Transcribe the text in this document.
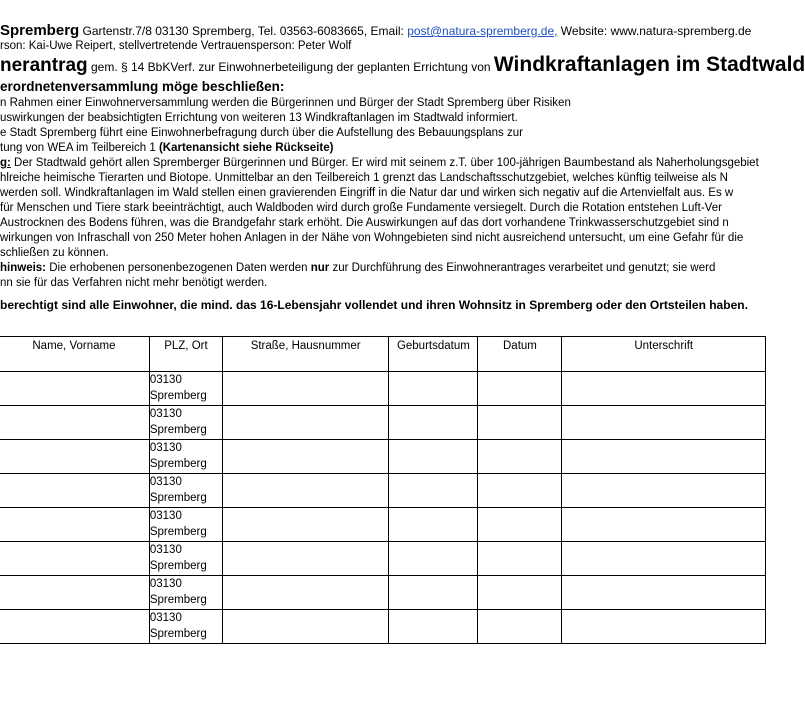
Spremberg Gartenstr.7/8 03130 Spremberg, Tel. 03563-6083665, Email: post@natura-spremberg.de, Website: www.natura-spremberg.de
rson: Kai-Uwe Reipert, stellvertretende Vertrauensperson: Peter Wolf
nerantrag gem. § 14 BbKVerf. zur Einwohnerbeteiligung der geplanten Errichtung von Windkraftanlagen im Stadtwald
erordnetenversammlung möge beschließen:
n Rahmen einer Einwohnerversammlung werden die Bürgerinnen und Bürger der Stadt Spremberg über Risiken
uswirkungen der beabsichtigten Errichtung von weiteren 13 Windkraftanlagen im Stadtwald informiert.
e Stadt Spremberg führt eine Einwohnerbefragung durch über die Aufstellung des Bebauungsplans zur
tung von WEA im Teilbereich 1 (Kartenansicht siehe Rückseite)
g: Der Stadtwald gehört allen Spremberger Bürgerinnen und Bürger. Er wird mit seinem z.T. über 100-jährigen Baumbestand als Naherholungsgebiet
hlreiche heimische Tierarten und Biotope. Unmittelbar an den Teilbereich 1 grenzt das Landschaftsschutzgebiet, welches künftig teilweise als N
werden soll. Windkraftanlagen im Wald stellen einen gravierenden Eingriff in die Natur dar und wirken sich negativ auf die Artenvielfalt aus. Es w
für Menschen und Tiere stark beeinträchtigt, auch Waldboden wird durch große Fundamente versiegelt. Durch die Rotation entstehen Luft-Ver
Austrocknen des Bodens führen, was die Brandgefahr stark erhöht. Die Auswirkungen auf das dort vorhandene Trinkwasserschutzgebiet sind n
wirkungen von Infraschall von 250 Meter hohen Anlagen in der Nähe von Wohngebieten sind nicht ausreichend untersucht, um eine Gefahr für die
schließen zu können.
hinweis: Die erhobenen personenbezogenen Daten werden nur zur Durchführung des Einwohnerantrages verarbeitet und genutzt; sie werd
nn sie für das Verfahren nicht mehr benötigt werden.
berechtigt sind alle Einwohner, die mind. das 16-Lebensjahr vollendet und ihren Wohnsitz in Spremberg oder den Ortsteilen haben.
Name, Vorname	PLZ, Ort	Straße, Hausnummer	Geburtsdatum	Datum	Unterschrift
	03130
Spremberg				
	03130
Spremberg				
	03130
Spremberg				
	03130
Spremberg				
	03130
Spremberg				
	03130
Spremberg				
	03130
Spremberg				
	03130
Spremberg				
